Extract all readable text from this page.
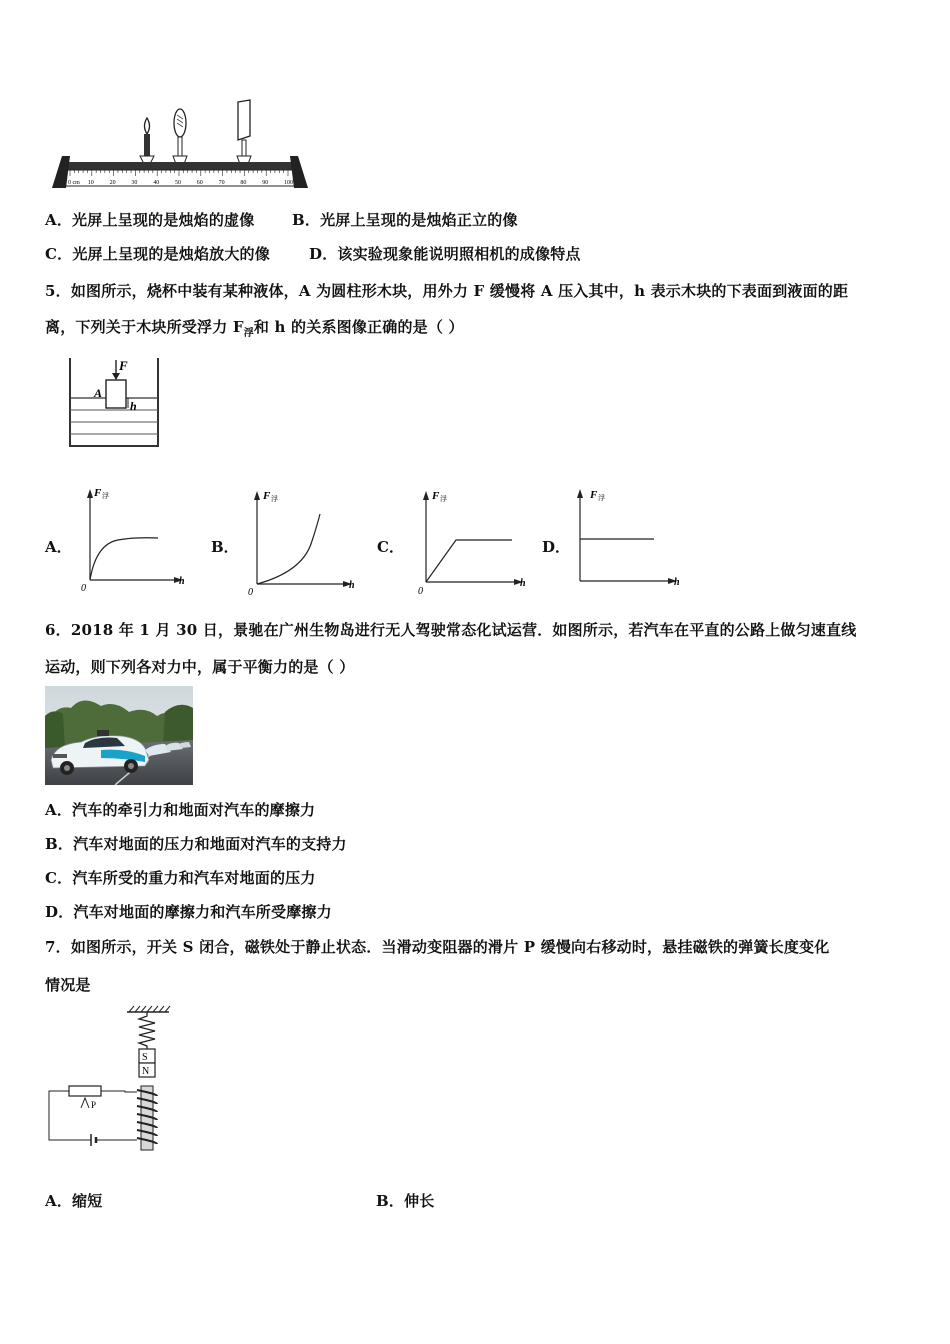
0 cm 10	20	30	40	50	60	70	80	90	100
A．光屏上呈现的是烛焰的虚像	B．光屏上呈现的是烛焰正立的像
C．光屏上呈现的是烛焰放大的像	D．该实验现象能说明照相机的成像特点
5．如图所示，烧杯中装有某种液体，A 为圆柱形木块，用外力 F 缓慢将 A 压入其中，h 表示木块的下表面到液面的距
离，下列关于木块所受浮力 $F_浮$和 h 的关系图像正确的是（ ）
F
A
h
A．	B．	C．	D．
F 浮
h
0
F 浮
h
0
F 浮
h
0
F 浮
h
6．2018 年 1 月 30 日，景驰在广州生物岛进行无人驾驶常态化试运营．如图所示，若汽车在平直的公路上做匀速直线
运动，则下列各对力中，属于平衡力的是（ ）
A．汽车的牵引力和地面对汽车的摩擦力
B．汽车对地面的压力和地面对汽车的支持力
C．汽车所受的重力和汽车对地面的压力
D．汽车对地面的摩擦力和汽车所受摩擦力
7．如图所示，开关 S 闭合，磁铁处于静止状态．当滑动变阻器的滑片 P 缓慢向右移动时，悬挂磁铁的弹簧长度变化
情况是
S
N
P
A．缩短	B．伸长
